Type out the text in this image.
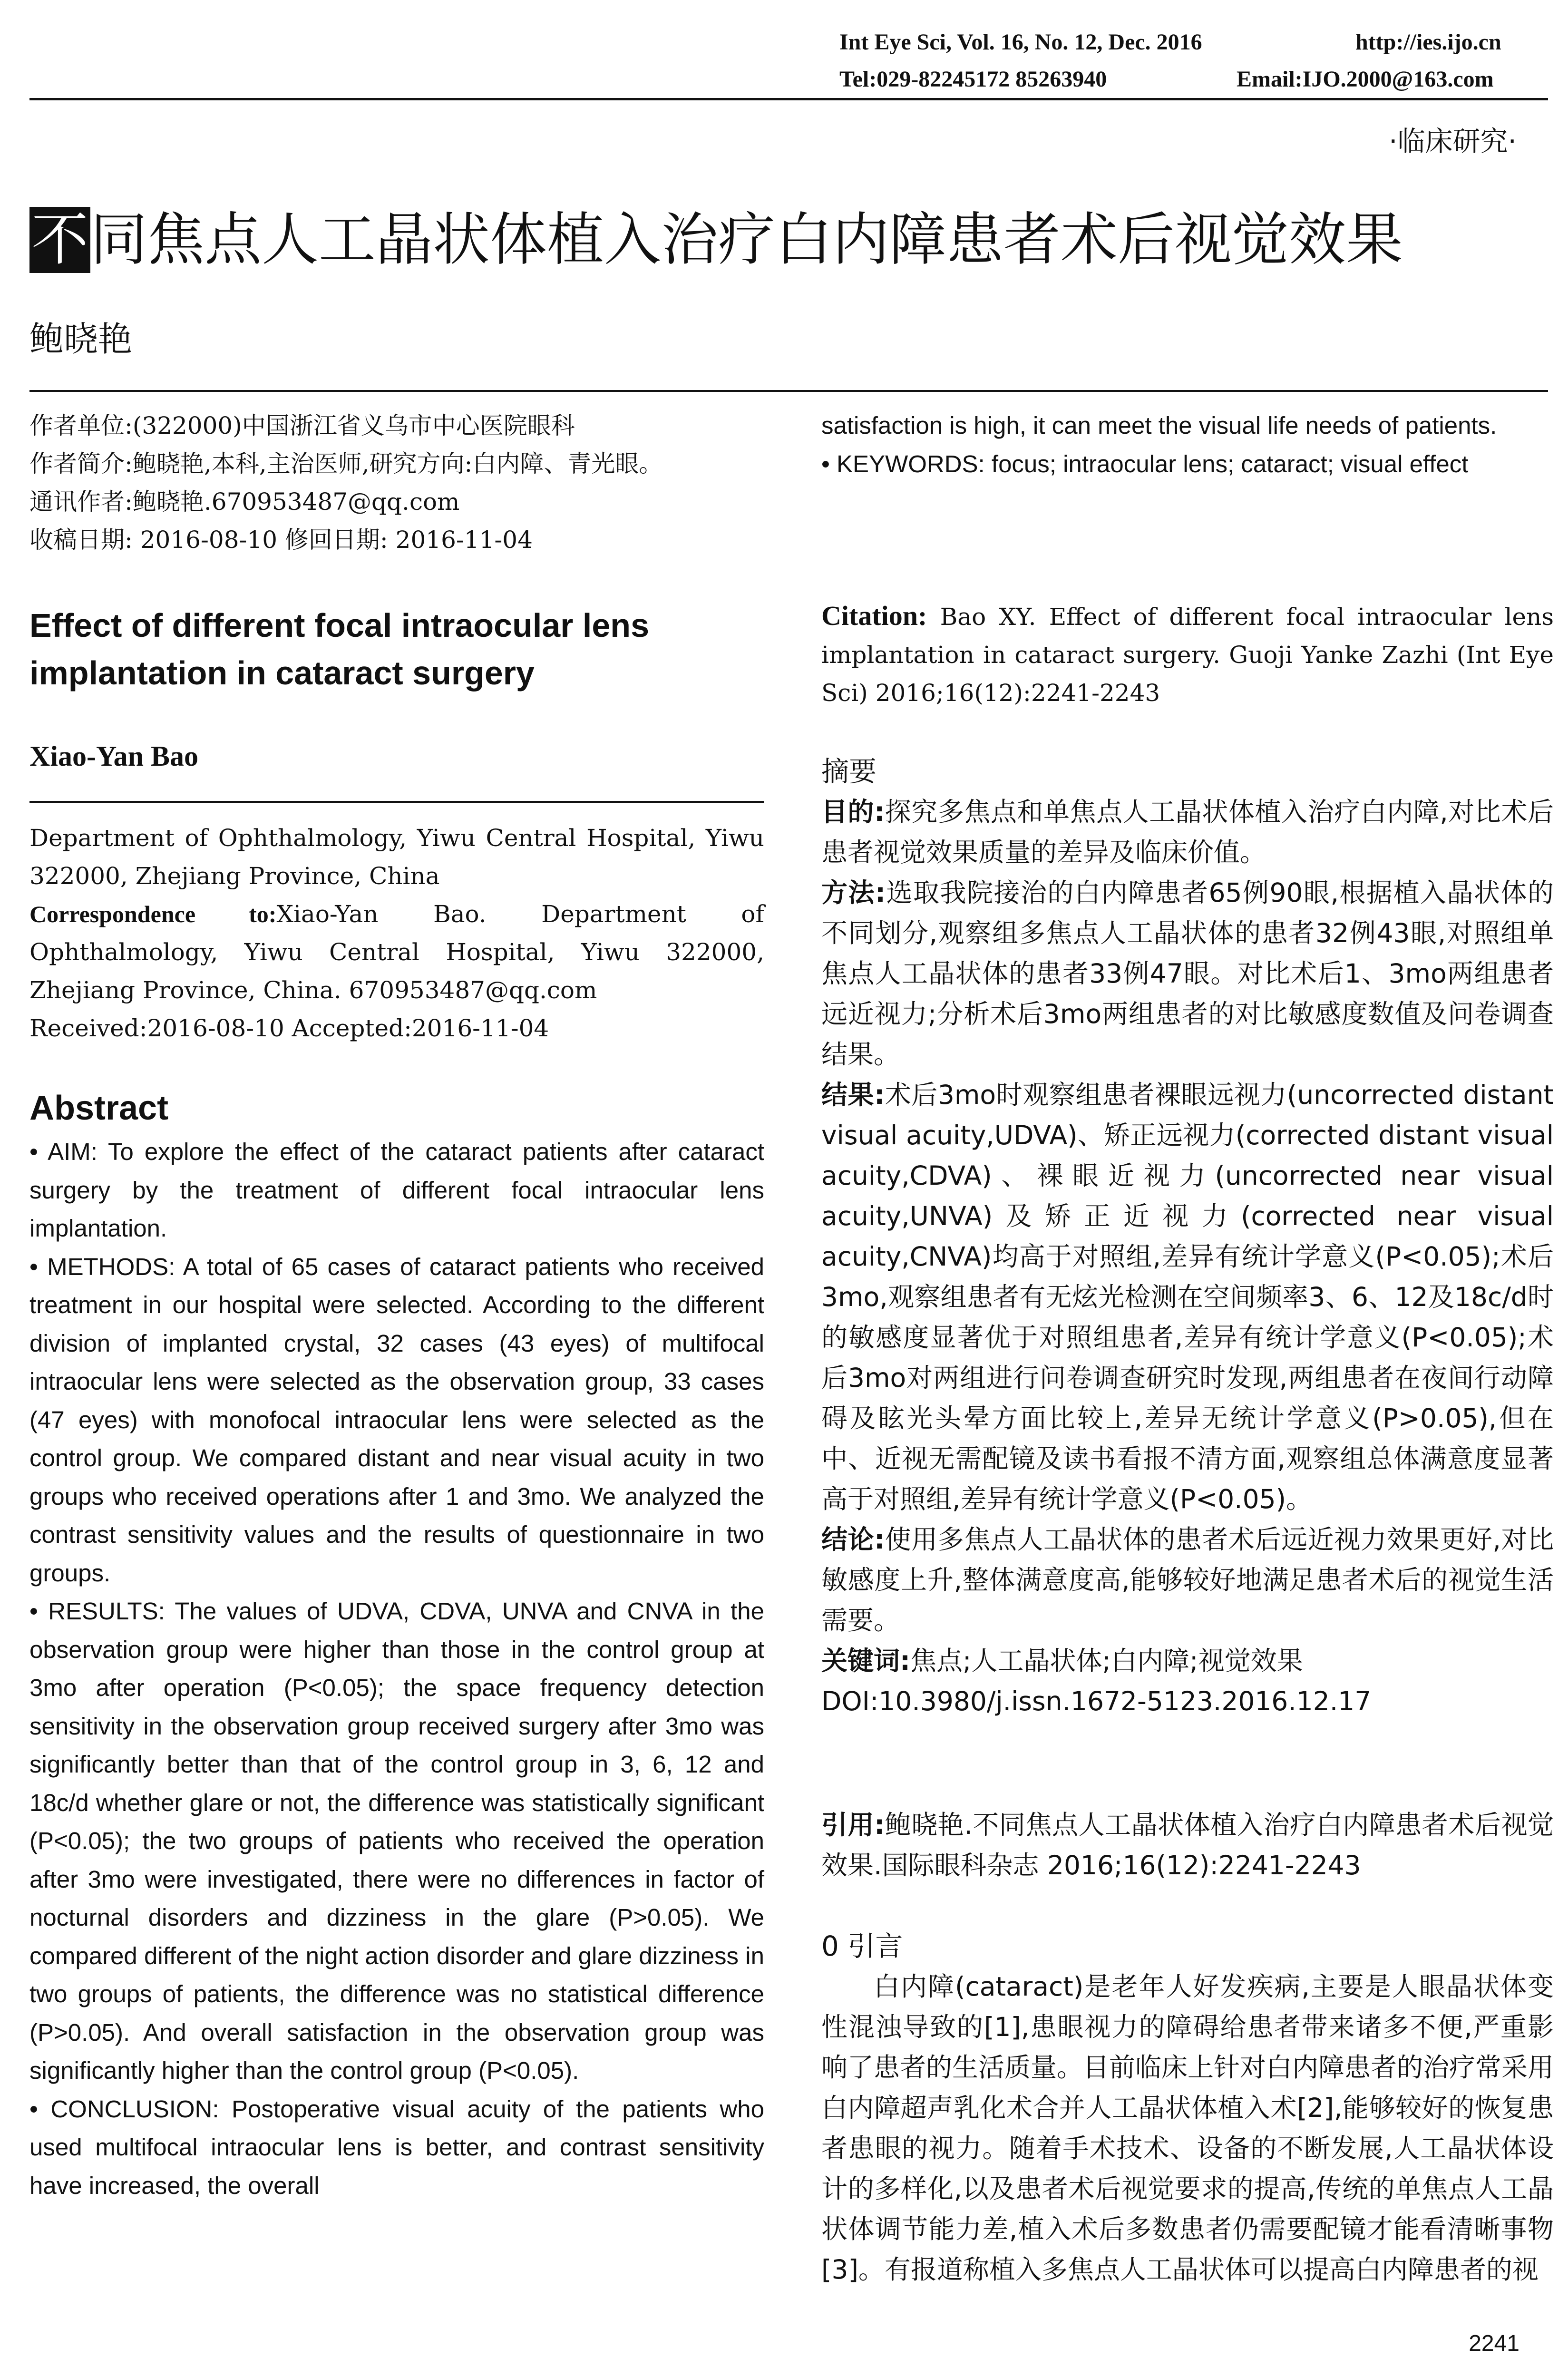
Int Eye Sci, Vol. 16, No. 12, Dec. 2016	http://ies.ijo.cn
Tel:029-82245172 85263940	Email:IJO.2000@163.com
·临床研究·
不同焦点人工晶状体植入治疗白内障患者术后视觉效果
鲍晓艳

作者单位:(322000)中国浙江省义乌市中心医院眼科

作者简介:鲍晓艳,本科,主治医师,研究方向:白内障、青光眼。

通讯作者:鲍晓艳.670953487@qq.com

收稿日期: 2016-08-10 修回日期: 2016-11-04

Effect of different focal intraocular lens implantation in cataract surgery
Xiao-Yan Bao

Department of Ophthalmology, Yiwu Central Hospital, Yiwu 322000, Zhejiang Province, China

Correspondence to:Xiao-Yan Bao. Department of Ophthalmology, Yiwu Central Hospital, Yiwu 322000, Zhejiang Province, China. 670953487@qq.com

Received:2016-08-10 Accepted:2016-11-04

Abstract

• AIM: To explore the effect of the cataract patients after cataract surgery by the treatment of different focal intraocular lens implantation.

• METHODS: A total of 65 cases of cataract patients who received treatment in our hospital were selected. According to the different division of implanted crystal, 32 cases (43 eyes) of multifocal intraocular lens were selected as the observation group, 33 cases (47 eyes) with monofocal intraocular lens were selected as the control group. We compared distant and near visual acuity in two groups who received operations after 1 and 3mo. We analyzed the contrast sensitivity values and the results of questionnaire in two groups.

• RESULTS: The values of UDVA, CDVA, UNVA and CNVA in the observation group were higher than those in the control group at 3mo after operation (P<0.05); the space frequency detection sensitivity in the observation group received surgery after 3mo was significantly better than that of the control group in 3, 6, 12 and 18c/d whether glare or not, the difference was statistically significant (P<0.05); the two groups of patients who received the operation after 3mo were investigated, there were no differences in factor of nocturnal disorders and dizziness in the glare (P>0.05). We compared different of the night action disorder and glare dizziness in two groups of patients, the difference was no statistical difference (P>0.05). And overall satisfaction in the observation group was significantly higher than the control group (P<0.05).

• CONCLUSION: Postoperative visual acuity of the patients who used multifocal intraocular lens is better, and contrast sensitivity have increased, the overall

satisfaction is high, it can meet the visual life needs of patients.

• KEYWORDS: focus; intraocular lens; cataract; visual effect

Citation: Bao XY. Effect of different focal intraocular lens implantation in cataract surgery. Guoji Yanke Zazhi (Int Eye Sci) 2016;16(12):2241-2243
摘要

目的:探究多焦点和单焦点人工晶状体植入治疗白内障,对比术后患者视觉效果质量的差异及临床价值。

方法:选取我院接治的白内障患者65例90眼,根据植入晶状体的不同划分,观察组多焦点人工晶状体的患者32例43眼,对照组单焦点人工晶状体的患者33例47眼。对比术后1、3mo两组患者远近视力;分析术后3mo两组患者的对比敏感度数值及问卷调查结果。

结果:术后3mo时观察组患者裸眼远视力(uncorrected distant visual acuity,UDVA)、矫正远视力(corrected distant visual acuity,CDVA)、裸眼近视力(uncorrected near visual acuity,UNVA)及矫正近视力(corrected near visual acuity,CNVA)均高于对照组,差异有统计学意义(P<0.05);术后3mo,观察组患者有无炫光检测在空间频率3、6、12及18c/d时的敏感度显著优于对照组患者,差异有统计学意义(P<0.05);术后3mo对两组进行问卷调查研究时发现,两组患者在夜间行动障碍及眩光头晕方面比较上,差异无统计学意义(P>0.05),但在中、近视无需配镜及读书看报不清方面,观察组总体满意度显著高于对照组,差异有统计学意义(P<0.05)。

结论:使用多焦点人工晶状体的患者术后远近视力效果更好,对比敏感度上升,整体满意度高,能够较好地满足患者术后的视觉生活需要。

关键词:焦点;人工晶状体;白内障;视觉效果

DOI:10.3980/j.issn.1672-5123.2016.12.17

引用:鲍晓艳.不同焦点人工晶状体植入治疗白内障患者术后视觉效果.国际眼科杂志 2016;16(12):2241-2243
0 引言
白内障(cataract)是老年人好发疾病,主要是人眼晶状体变性混浊导致的[1],患眼视力的障碍给患者带来诸多不便,严重影响了患者的生活质量。目前临床上针对白内障患者的治疗常采用白内障超声乳化术合并人工晶状体植入术[2],能够较好的恢复患者患眼的视力。随着手术技术、设备的不断发展,人工晶状体设计的多样化,以及患者术后视觉要求的提高,传统的单焦点人工晶状体调节能力差,植入术后多数患者仍需要配镜才能看清晰事物[3]。有报道称植入多焦点人工晶状体可以提高白内障患者的视
2241
